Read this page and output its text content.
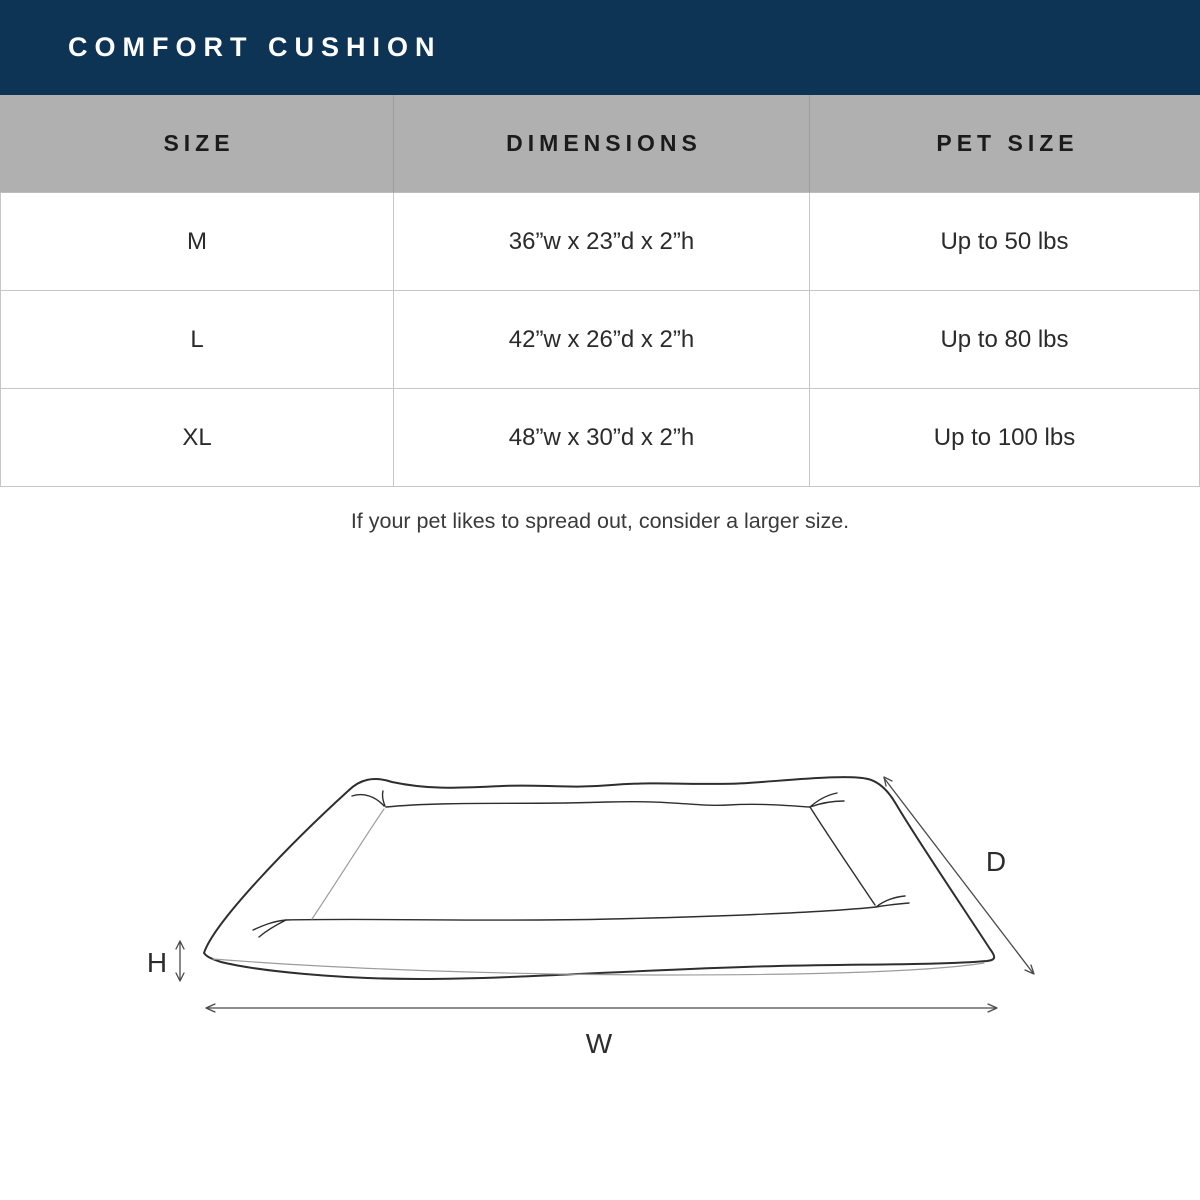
COMFORT CUSHION
SIZE	DIMENSIONS	PET SIZE
M	36”w x 23”d x 2”h	Up to 50 lbs
L	42”w x 26”d x 2”h	Up to 80 lbs
XL	48”w x 30”d x 2”h	Up to 100 lbs
If your pet likes to spread out, consider a larger size.
H
W
D
